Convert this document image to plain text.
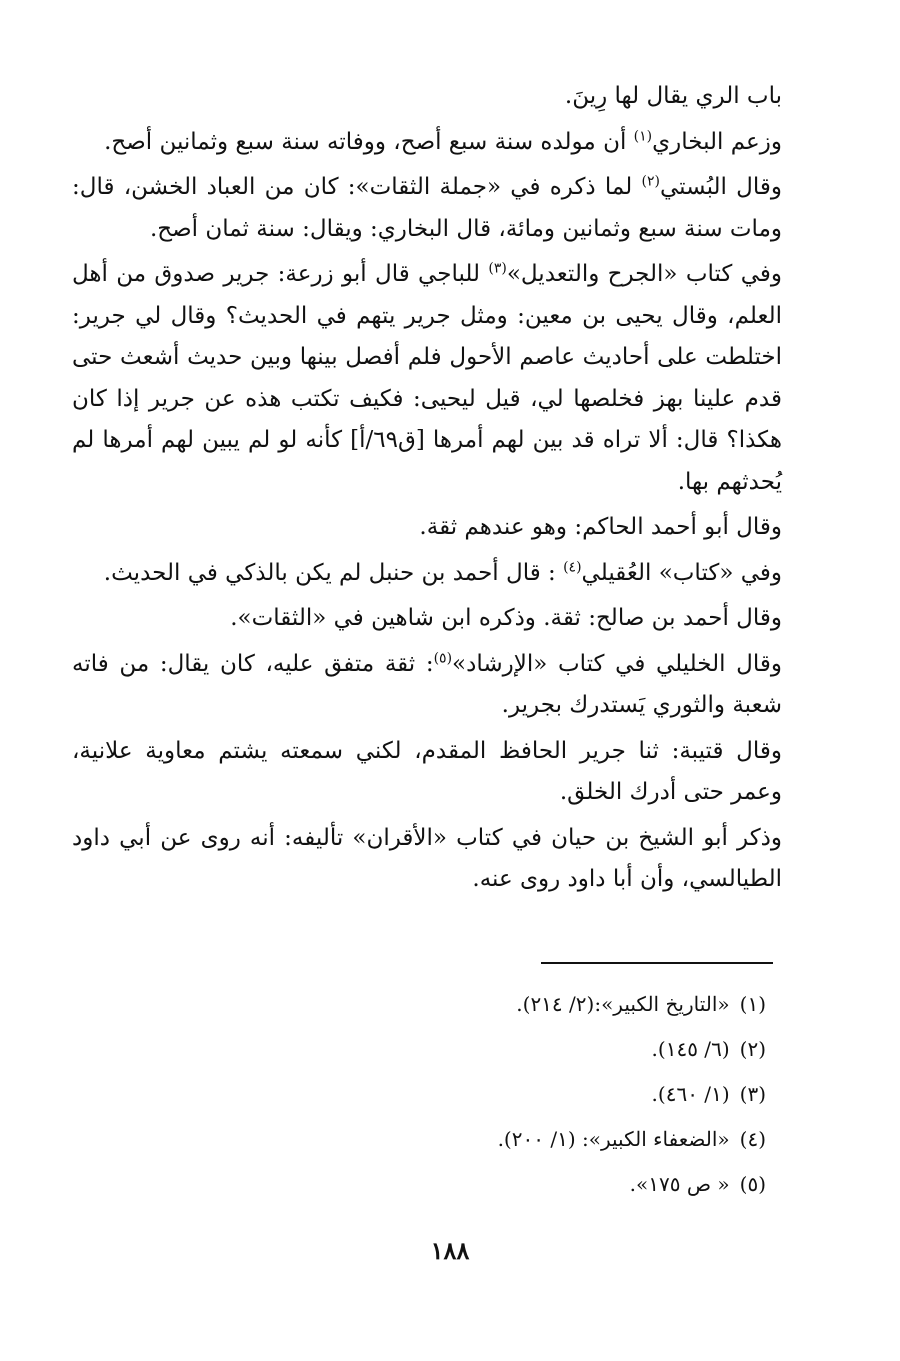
باب الري يقال لها رِينَ.

وزعم البخاري$^{(١)}$ أن مولده سنة سبع أصح، ووفاته سنة سبع وثمانين أصح.

وقال البُستي$^{(٢)}$ لما ذكره في «جملة الثقات»: كان من العباد الخشن، قال: ومات سنة سبع وثمانين ومائة، قال البخاري: ويقال: سنة ثمان أصح.

وفي كتاب «الجرح والتعديل»$^{(٣)}$ للباجي قال أبو زرعة: جرير صدوق من أهل العلم، وقال يحيى بن معين: ومثل جرير يتهم في الحديث؟ وقال لي جرير: اختلطت على أحاديث عاصم الأحول فلم أفصل بينها وبين حديث أشعث حتى قدم علينا بهز فخلصها لي، قيل ليحيى: فكيف تكتب هذه عن جرير إذا كان هكذا؟ قال: ألا تراه قد بين لهم أمرها [ق٦٩/أ] كأنه لو لم يبين لهم أمرها لم يُحدثهم بها.

وقال أبو أحمد الحاكم: وهو عندهم ثقة.

وفي «كتاب» العُقيلي$^{(٤)}$ : قال أحمد بن حنبل لم يكن بالذكي في الحديث.

وقال أحمد بن صالح: ثقة. وذكره ابن شاهين في «الثقات».

وقال الخليلي في كتاب «الإرشاد»$^{(٥)}$: ثقة متفق عليه، كان يقال: من فاته شعبة والثوري يَستدرك بجرير.

وقال قتيبة: ثنا جرير الحافظ المقدم، لكني سمعته يشتم معاوية علانية، وعمر حتى أدرك الخلق.

وذكر أبو الشيخ بن حيان في كتاب «الأقران» تأليفه: أنه روى عن أبي داود الطيالسي، وأن أبا داود روى عنه.

(١)«التاريخ الكبير»:(٢/ ٢١٤).

(٢)(٦/ ١٤٥).

(٣)(١/ ٤٦٠).

(٤)«الضعفاء الكبير»: (١/ ٢٠٠).

(٥)« ص ١٧٥».

١٨٨
